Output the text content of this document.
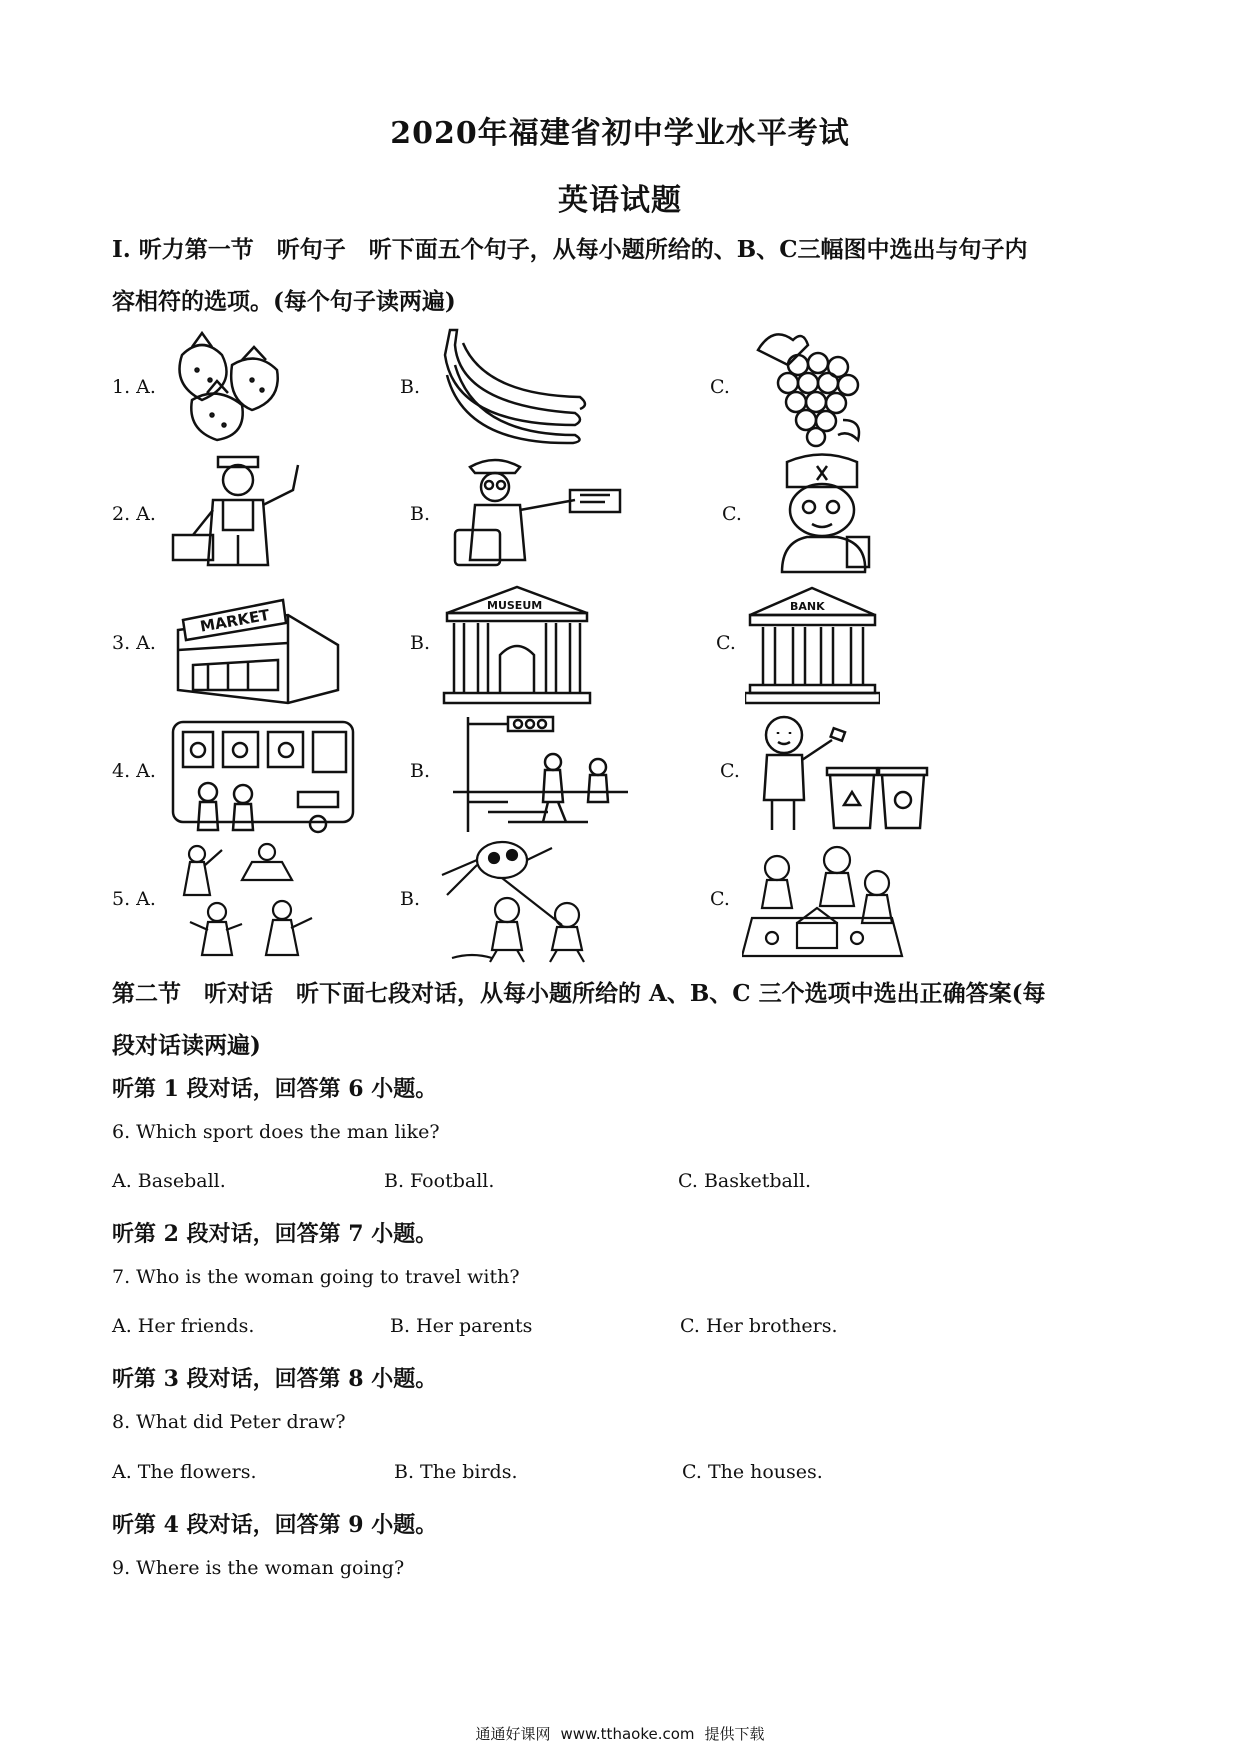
2020年福建省初中学业水平考试
英语试题
Ⅰ. 听力第一节　听句子　听下面五个句子，从每小题所给的、B、C三幅图中选出与句子内
容相符的选项。(每个句子读两遍)
1. A.	B.	C.
2. A.	B.	C.
3. A.	B.	C.
MARKET
MUSEUM	BANK
4. A.	B.	C.
5. A.	B.	C.
第二节　听对话　听下面七段对话，从每小题所给的 A、B、C 三个选项中选出正确答案(每
段对话读两遍)
听第 1 段对话，回答第 6 小题。
6. Which sport does the man like?
A. Baseball.	B. Football.	C. Basketball.
听第 2 段对话，回答第 7 小题。
7. Who is the woman going to travel with?
A. Her friends.	B. Her parents	C. Her brothers.
听第 3 段对话，回答第 8 小题。
8. What did Peter draw?
A. The flowers.	B. The birds.	C. The houses.
听第 4 段对话，回答第 9 小题。
9. Where is the woman going?
通通好课网 www.tthaoke.com 提供下载
